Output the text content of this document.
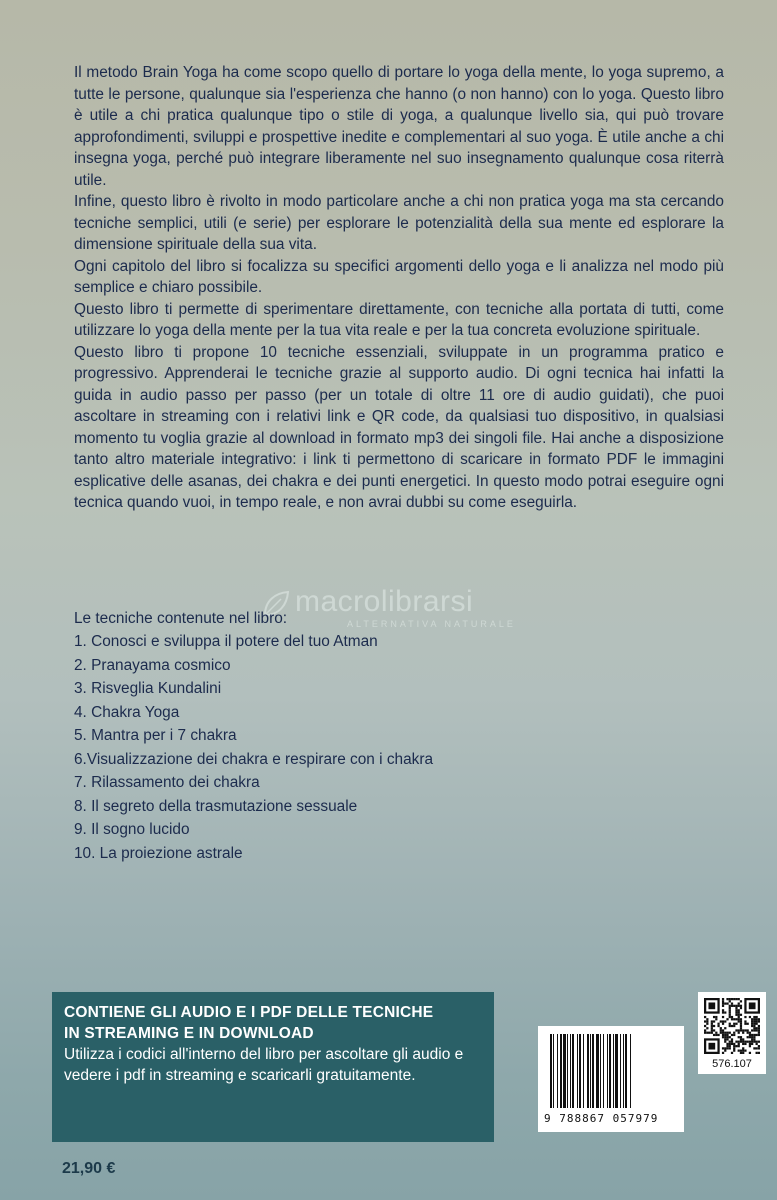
Il metodo Brain Yoga ha come scopo quello di portare lo yoga della mente, lo yoga supremo, a tutte le persone, qualunque sia l'esperienza che hanno (o non hanno) con lo yoga. Questo libro è utile a chi pratica qualunque tipo o stile di yoga, a qualunque livello sia, qui può trovare approfondimenti, sviluppi e prospettive inedite e complementari al suo yoga. È utile anche a chi insegna yoga, perché può integrare liberamente nel suo insegnamento qualunque cosa riterrà utile.

Infine, questo libro è rivolto in modo particolare anche a chi non pratica yoga ma sta cercando tecniche semplici, utili (e serie) per esplorare le potenzialità della sua mente ed esplorare la dimensione spirituale della sua vita.

Ogni capitolo del libro si focalizza su specifici argomenti dello yoga e li analizza nel modo più semplice e chiaro possibile.

Questo libro ti permette di sperimentare direttamente, con tecniche alla portata di tutti, come utilizzare lo yoga della mente per la tua vita reale e per la tua concreta evoluzione spirituale.

Questo libro ti propone 10 tecniche essenziali, sviluppate in un programma pratico e progressivo. Apprenderai le tecniche grazie al supporto audio. Di ogni tecnica hai infatti la guida in audio passo per passo (per un totale di oltre 11 ore di audio guidati), che puoi ascoltare in streaming con i relativi link e QR code, da qualsiasi tuo dispositivo, in qualsiasi momento tu voglia grazie al download in formato mp3 dei singoli file. Hai anche a disposizione tanto altro materiale integrativo: i link ti permettono di scaricare in formato PDF le immagini esplicative delle asanas, dei chakra e dei punti energetici. In questo modo potrai eseguire ogni tecnica quando vuoi, in tempo reale, e non avrai dubbi su come eseguirla.

macrolibrarsi
ALTERNATIVA NATURALE

Le tecniche contenute nel libro:

1. Conosci e sviluppa il potere del tuo Atman
2. Pranayama cosmico
3. Risveglia Kundalini
4. Chakra Yoga
5. Mantra per i 7 chakra
6.Visualizzazione dei chakra e respirare con i chakra
7. Rilassamento dei chakra
8. Il segreto della trasmutazione sessuale
9. Il sogno lucido
10. La proiezione astrale

CONTIENE GLI AUDIO E I PDF DELLE TECNICHE

IN STREAMING E IN DOWNLOAD

Utilizza i codici all'interno del libro per ascoltare gli audio e vedere i pdf in streaming e scaricarli gratuitamente.

21,90 €

9 788867 057979

576.107
